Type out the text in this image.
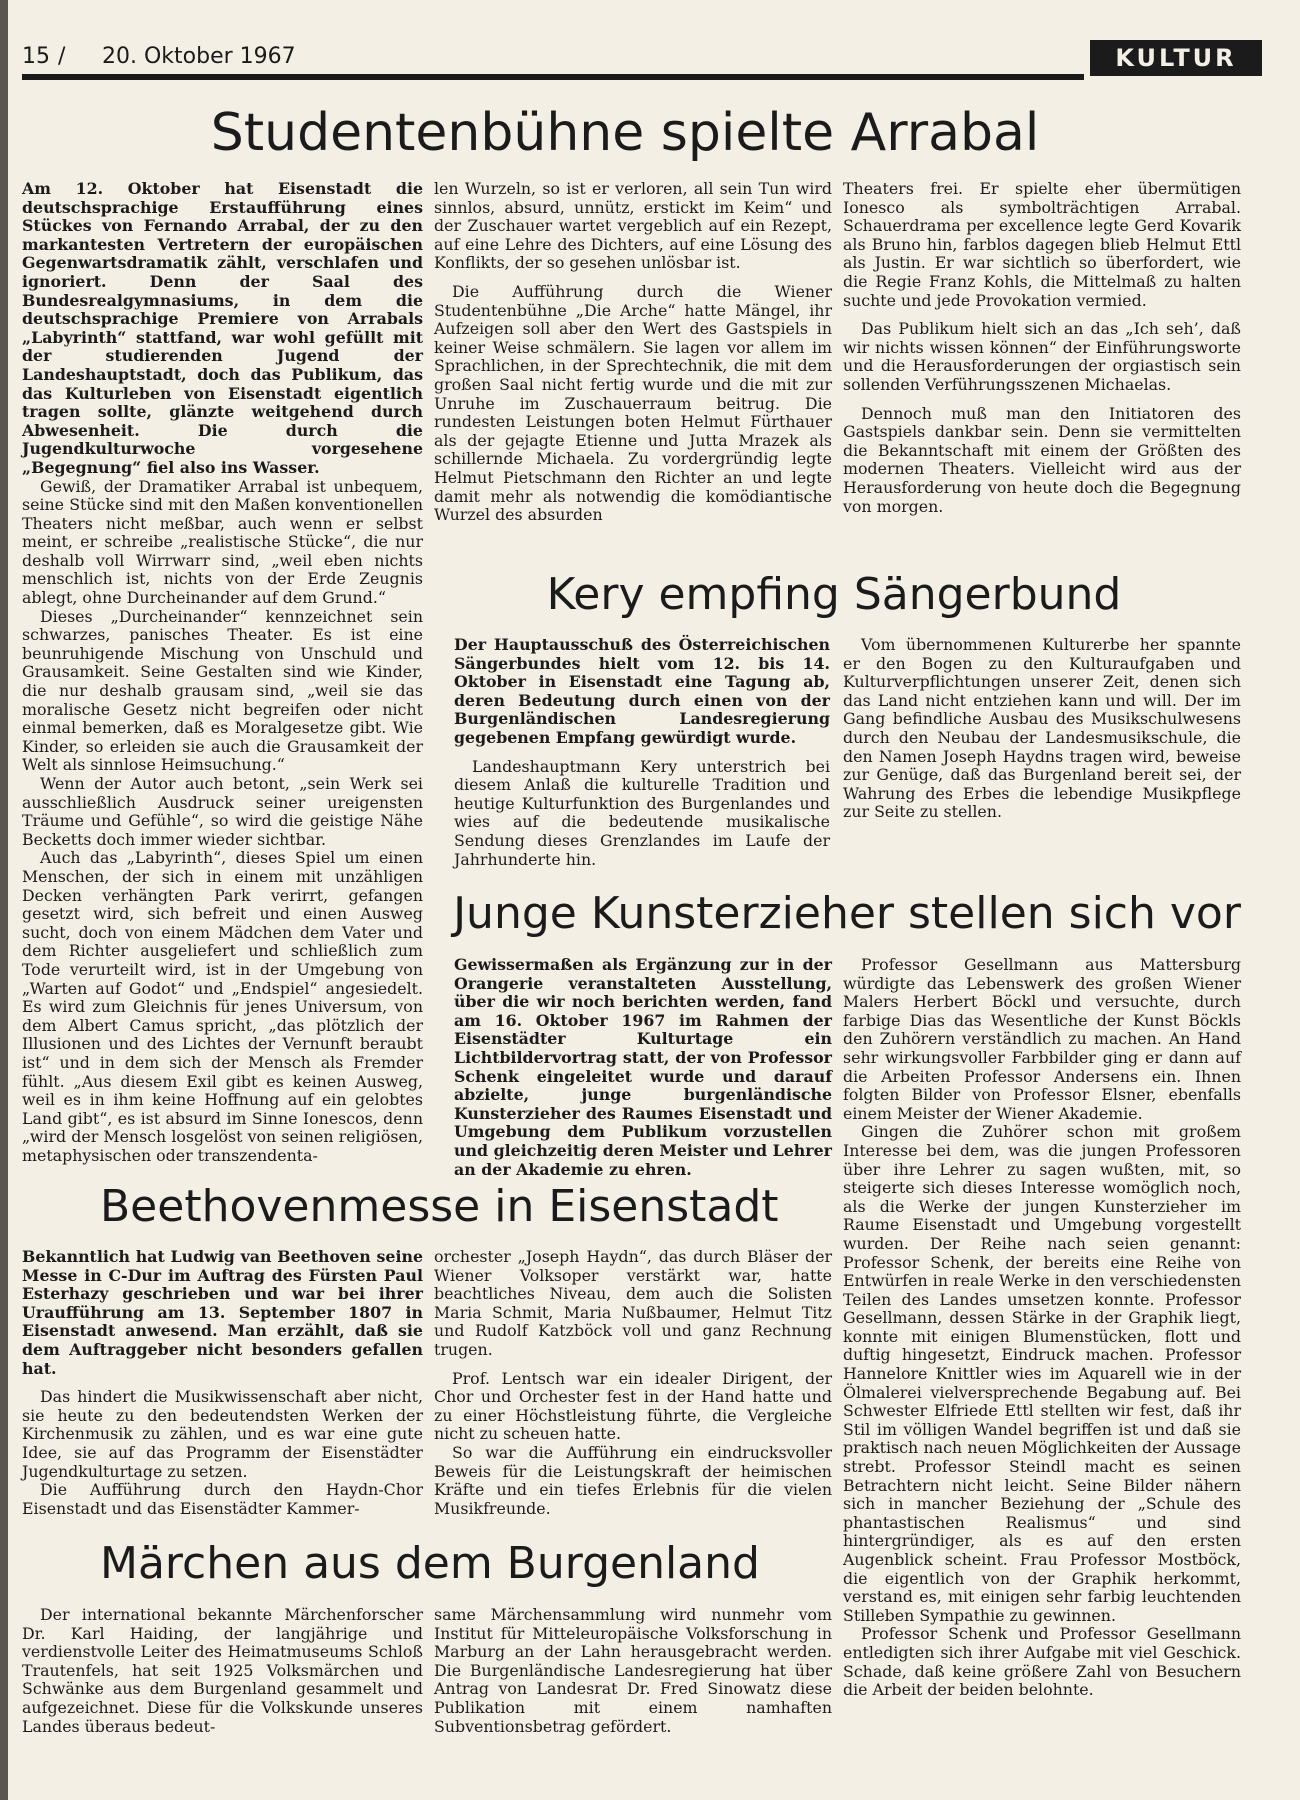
15 / 20. Oktober 1967	KULTUR
Studentenbühne spielte Arrabal

Am 12. Oktober hat Eisenstadt die deutschsprachige Erstaufführung eines Stückes von Fernando Arrabal, der zu den markantesten Vertretern der europäischen Gegenwartsdramatik zählt, verschlafen und ignoriert. Denn der Saal des Bundesrealgymnasiums, in dem die deutschsprachige Premiere von Arrabals „Labyrinth“ stattfand, war wohl gefüllt mit der studierenden Jugend der Landeshauptstadt, doch das Publikum, das das Kulturleben von Eisenstadt eigentlich tragen sollte, glänzte weitgehend durch Abwesenheit. Die durch die Jugendkulturwoche vorgesehene „Begegnung“ fiel also ins Wasser.

Gewiß, der Dramatiker Arrabal ist unbequem, seine Stücke sind mit den Maßen konventionellen Theaters nicht meßbar, auch wenn er selbst meint, er schreibe „realistische Stücke“, die nur deshalb voll Wirrwarr sind, „weil eben nichts menschlich ist, nichts von der Erde Zeugnis ablegt, ohne Durcheinander auf dem Grund.“

Dieses „Durcheinander“ kennzeichnet sein schwarzes, panisches Theater. Es ist eine beunruhigende Mischung von Unschuld und Grausamkeit. Seine Gestalten sind wie Kinder, die nur deshalb grausam sind, „weil sie das moralische Gesetz nicht begreifen oder nicht einmal bemerken, daß es Moralgesetze gibt. Wie Kinder, so erleiden sie auch die Grausamkeit der Welt als sinnlose Heimsuchung.“

Wenn der Autor auch betont, „sein Werk sei ausschließlich Ausdruck seiner ureigensten Träume und Gefühle“, so wird die geistige Nähe Becketts doch immer wieder sichtbar.

Auch das „Labyrinth“, dieses Spiel um einen Menschen, der sich in einem mit unzähligen Decken verhängten Park verirrt, gefangen gesetzt wird, sich befreit und einen Ausweg sucht, doch von einem Mädchen dem Vater und dem Richter ausgeliefert und schließlich zum Tode verurteilt wird, ist in der Umgebung von „Warten auf Godot“ und „Endspiel“ angesiedelt. Es wird zum Gleichnis für jenes Universum, von dem Albert Camus spricht, „das plötzlich der Illusionen und des Lichtes der Vernunft beraubt ist“ und in dem sich der Mensch als Fremder fühlt. „Aus diesem Exil gibt es keinen Ausweg, weil es in ihm keine Hoffnung auf ein gelobtes Land gibt“, es ist absurd im Sinne Ionescos, denn „wird der Mensch losgelöst von seinen religiösen, metaphysischen oder transzendenta-

len Wurzeln, so ist er verloren, all sein Tun wird sinnlos, absurd, unnütz, erstickt im Keim“ und der Zuschauer wartet vergeblich auf ein Rezept, auf eine Lehre des Dichters, auf eine Lösung des Konflikts, der so gesehen unlösbar ist.

Die Aufführung durch die Wiener Studentenbühne „Die Arche“ hatte Mängel, ihr Aufzeigen soll aber den Wert des Gastspiels in keiner Weise schmälern. Sie lagen vor allem im Sprachlichen, in der Sprechtechnik, die mit dem großen Saal nicht fertig wurde und die mit zur Unruhe im Zuschauerraum beitrug. Die rundesten Leistungen boten Helmut Fürthauer als der gejagte Etienne und Jutta Mrazek als schillernde Michaela. Zu vordergründig legte Helmut Pietschmann den Richter an und legte damit mehr als notwendig die komödiantische Wurzel des absurden

Theaters frei. Er spielte eher übermütigen Ionesco als symbolträchtigen Arrabal. Schauerdrama per excellence legte Gerd Kovarik als Bruno hin, farblos dagegen blieb Helmut Ettl als Justin. Er war sichtlich so überfordert, wie die Regie Franz Kohls, die Mittelmaß zu halten suchte und jede Provokation vermied.

Das Publikum hielt sich an das „Ich seh’, daß wir nichts wissen können“ der Einführungsworte und die Herausforderungen der orgiastisch sein sollenden Verführungsszenen Michaelas.

Dennoch muß man den Initiatoren des Gastspiels dankbar sein. Denn sie vermittelten die Bekanntschaft mit einem der Größten des modernen Theaters. Vielleicht wird aus der Herausforderung von heute doch die Begegnung von morgen.

Kery empfing Sängerbund

Der Hauptausschuß des Österreichischen Sängerbundes hielt vom 12. bis 14. Oktober in Eisenstadt eine Tagung ab, deren Bedeutung durch einen von der Burgenländischen Landesregierung gegebenen Empfang gewürdigt wurde.

Landeshauptmann Kery unterstrich bei diesem Anlaß die kulturelle Tradition und heutige Kulturfunktion des Burgenlandes und wies auf die bedeutende musikalische Sendung dieses Grenzlandes im Laufe der Jahrhunderte hin.

Vom übernommenen Kulturerbe her spannte er den Bogen zu den Kulturaufgaben und Kulturverpflichtungen unserer Zeit, denen sich das Land nicht entziehen kann und will. Der im Gang befindliche Ausbau des Musikschulwesens durch den Neubau der Landesmusikschule, die den Namen Joseph Haydns tragen wird, beweise zur Genüge, daß das Burgenland bereit sei, der Wahrung des Erbes die lebendige Musikpflege zur Seite zu stellen.

Junge Kunsterzieher stellen sich vor

Gewissermaßen als Ergänzung zur in der Orangerie veranstalteten Ausstellung, über die wir noch berichten werden, fand am 16. Oktober 1967 im Rahmen der Eisenstädter Kulturtage ein Lichtbildervortrag statt, der von Professor Schenk eingeleitet wurde und darauf abzielte, junge burgenländische Kunsterzieher des Raumes Eisenstadt und Umgebung dem Publikum vorzustellen und gleichzeitig deren Meister und Lehrer an der Akademie zu ehren.

Professor Gesellmann aus Mattersburg würdigte das Lebenswerk des großen Wiener Malers Herbert Böckl und versuchte, durch farbige Dias das Wesentliche der Kunst Böckls den Zuhörern verständlich zu machen. An Hand sehr wirkungsvoller Farbbilder ging er dann auf die Arbeiten Professor Andersens ein. Ihnen folgten Bilder von Professor Elsner, ebenfalls einem Meister der Wiener Akademie.

Gingen die Zuhörer schon mit großem Interesse bei dem, was die jungen Professoren über ihre Lehrer zu sagen wußten, mit, so steigerte sich dieses Interesse womöglich noch, als die Werke der jungen Kunsterzieher im Raume Eisenstadt und Umgebung vorgestellt wurden. Der Reihe nach seien genannt: Professor Schenk, der bereits eine Reihe von Entwürfen in reale Werke in den verschiedensten Teilen des Landes umsetzen konnte. Professor Gesellmann, dessen Stärke in der Graphik liegt, konnte mit einigen Blumenstücken, flott und duftig hingesetzt, Eindruck machen. Professor Hannelore Knittler wies im Aquarell wie in der Ölmalerei vielversprechende Begabung auf. Bei Schwester Elfriede Ettl stellten wir fest, daß ihr Stil im völligen Wandel begriffen ist und daß sie praktisch nach neuen Möglichkeiten der Aussage strebt. Professor Steindl macht es seinen Betrachtern nicht leicht. Seine Bilder nähern sich in mancher Beziehung der „Schule des phantastischen Realismus“ und sind hintergründiger, als es auf den ersten Augenblick scheint. Frau Professor Mostböck, die eigentlich von der Graphik herkommt, verstand es, mit einigen sehr farbig leuchtenden Stilleben Sympathie zu gewinnen.

Professor Schenk und Professor Gesellmann entledigten sich ihrer Aufgabe mit viel Geschick. Schade, daß keine größere Zahl von Besuchern die Arbeit der beiden belohnte.

Beethovenmesse in Eisenstadt

Bekanntlich hat Ludwig van Beethoven seine Messe in C-Dur im Auftrag des Fürsten Paul Esterhazy geschrieben und war bei ihrer Uraufführung am 13. September 1807 in Eisenstadt anwesend. Man erzählt, daß sie dem Auftraggeber nicht besonders gefallen hat.

Das hindert die Musikwissenschaft aber nicht, sie heute zu den bedeutendsten Werken der Kirchenmusik zu zählen, und es war eine gute Idee, sie auf das Programm der Eisenstädter Jugendkulturtage zu setzen.

Die Aufführung durch den Haydn-Chor Eisenstadt und das Eisenstädter Kammer-

orchester „Joseph Haydn“, das durch Bläser der Wiener Volksoper verstärkt war, hatte beachtliches Niveau, dem auch die Solisten Maria Schmit, Maria Nußbaumer, Helmut Titz und Rudolf Katzböck voll und ganz Rechnung trugen.

Prof. Lentsch war ein idealer Dirigent, der Chor und Orchester fest in der Hand hatte und zu einer Höchstleistung führte, die Vergleiche nicht zu scheuen hatte.

So war die Aufführung ein eindrucksvoller Beweis für die Leistungskraft der heimischen Kräfte und ein tiefes Erlebnis für die vielen Musikfreunde.

Märchen aus dem Burgenland

Der international bekannte Märchenforscher Dr. Karl Haiding, der langjährige und verdienstvolle Leiter des Heimatmuseums Schloß Trautenfels, hat seit 1925 Volksmärchen und Schwänke aus dem Burgenland gesammelt und aufgezeichnet. Diese für die Volkskunde unseres Landes überaus bedeut-

same Märchensammlung wird nunmehr vom Institut für Mitteleuropäische Volksforschung in Marburg an der Lahn herausgebracht werden. Die Burgenländische Landesregierung hat über Antrag von Landesrat Dr. Fred Sinowatz diese Publikation mit einem namhaften Subventionsbetrag gefördert.
